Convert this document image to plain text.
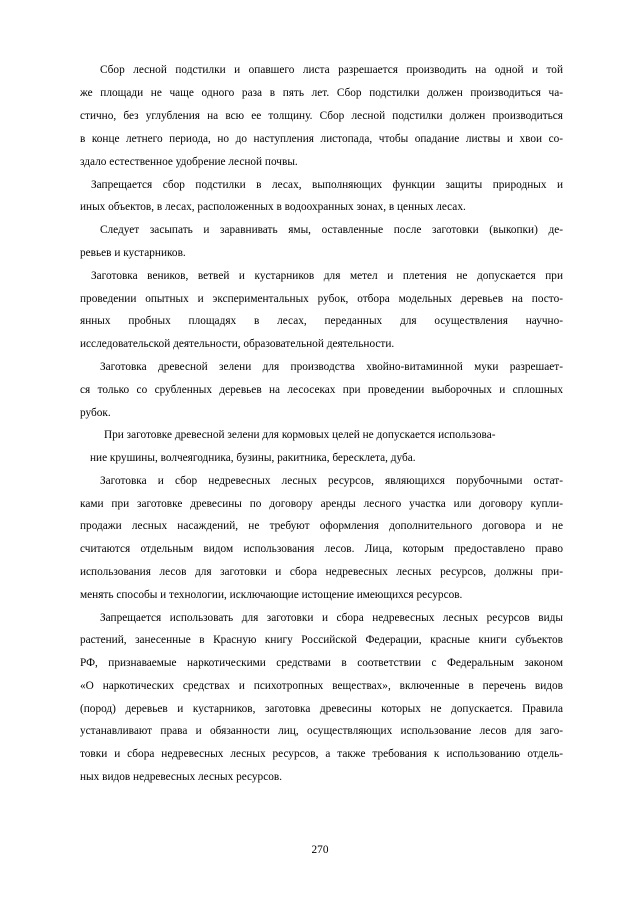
Сбор лесной подстилки и опавшего листа разрешается производить на одной и той
же площади не чаще одного раза в пять лет. Сбор подстилки должен производиться ча-
стично, без углубления на всю ее толщину. Сбор лесной подстилки должен производиться
в конце летнего периода, но до наступления листопада, чтобы опадание листвы и хвои со-
здало естественное удобрение лесной почвы.
Запрещается сбор подстилки в лесах, выполняющих функции защиты природных и
иных объектов, в лесах, расположенных в водоохранных зонах, в ценных лесах.
Следует засыпать и заравнивать ямы, оставленные после заготовки (выкопки) де-
ревьев и кустарников.
Заготовка веников, ветвей и кустарников для метел и плетения не допускается при
проведении опытных и экспериментальных рубок, отбора модельных деревьев на посто-
янных пробных площадях в лесах, переданных для осуществления научно-
исследовательской деятельности, образовательной деятельности.
Заготовка древесной зелени для производства хвойно-витаминной муки разрешает-
ся только со срубленных деревьев на лесосеках при проведении выборочных и сплошных
рубок.
При заготовке древесной зелени для кормовых целей не допускается использова-
ние крушины, волчеягодника, бузины, ракитника, бересклета, дуба.
Заготовка и сбор недревесных лесных ресурсов, являющихся порубочными остат-
ками при заготовке древесины по договору аренды лесного участка или договору купли-
продажи лесных насаждений, не требуют оформления дополнительного договора и не
считаются отдельным видом использования лесов. Лица, которым предоставлено право
использования лесов для заготовки и сбора недревесных лесных ресурсов, должны при-
менять способы и технологии, исключающие истощение имеющихся ресурсов.
Запрещается использовать для заготовки и сбора недревесных лесных ресурсов виды
растений, занесенные в Красную книгу Российской Федерации, красные книги субъектов
РФ, признаваемые наркотическими средствами в соответствии с Федеральным законом
«О наркотических средствах и психотропных веществах», включенные в перечень видов
(пород) деревьев и кустарников, заготовка древесины которых не допускается. Правила
устанавливают права и обязанности лиц, осуществляющих использование лесов для заго-
товки и сбора недревесных лесных ресурсов, а также требования к использованию отдель-
ных видов недревесных лесных ресурсов.
270
